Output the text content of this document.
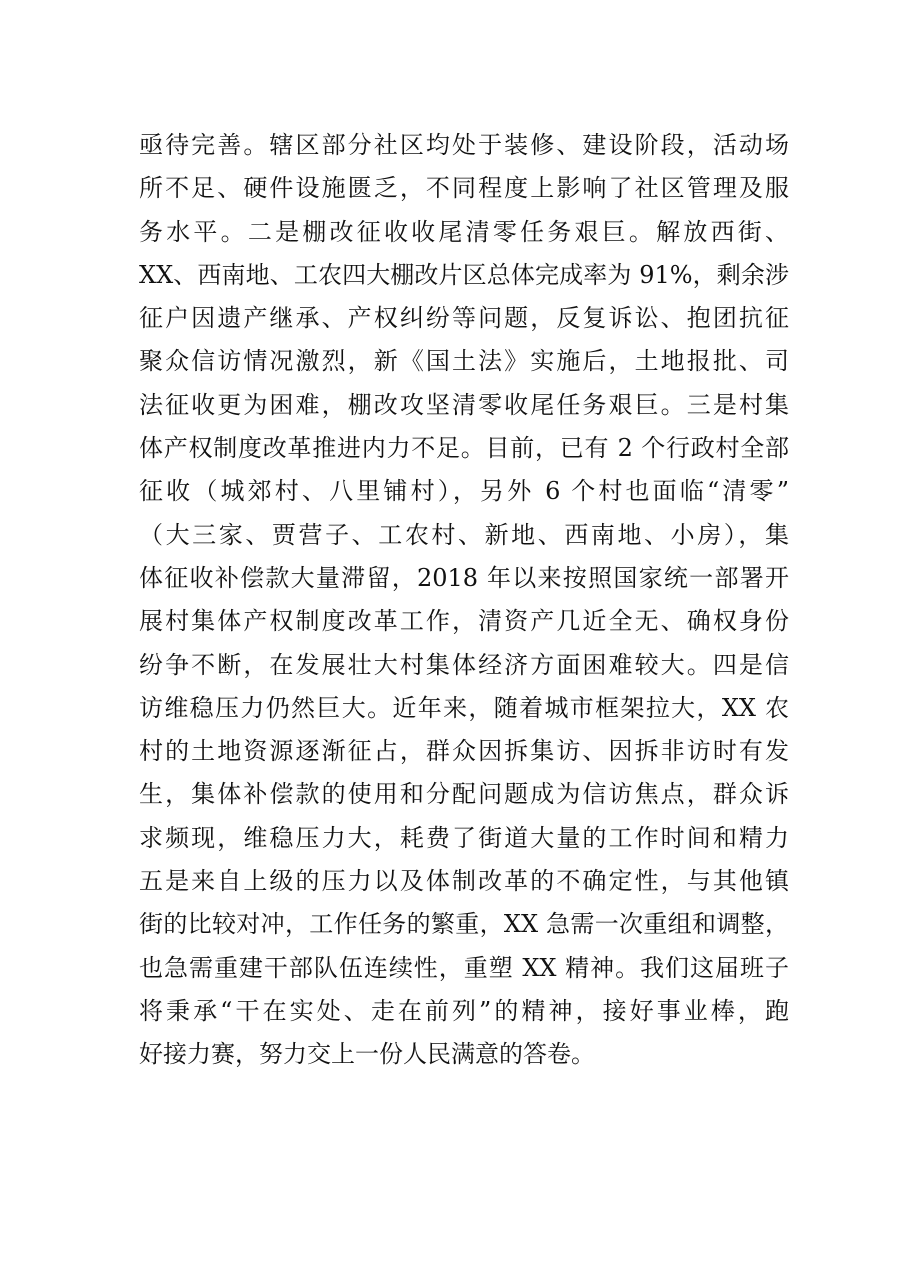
亟待完善。辖区部分社区均处于装修、建设阶段，活动场
所不足、硬件设施匮乏，不同程度上影响了社区管理及服
务水平。二是棚改征收收尾清零任务艰巨。解放西街、
XX、西南地、工农四大棚改片区总体完成率为 91%，剩余涉
征户因遗产继承、产权纠纷等问题，反复诉讼、抱团抗征
聚众信访情况激烈，新《国土法》实施后，土地报批、司
法征收更为困难，棚改攻坚清零收尾任务艰巨。三是村集
体产权制度改革推进内力不足。目前，已有 2 个行政村全部
征收（城郊村、八里铺村），另外 6 个村也面临“清零”
（大三家、贾营子、工农村、新地、西南地、小房），集
体征收补偿款大量滞留，2018 年以来按照国家统一部署开
展村集体产权制度改革工作，清资产几近全无、确权身份
纷争不断，在发展壮大村集体经济方面困难较大。四是信
访维稳压力仍然巨大。近年来，随着城市框架拉大，XX 农
村的土地资源逐渐征占，群众因拆集访、因拆非访时有发
生，集体补偿款的使用和分配问题成为信访焦点，群众诉
求频现，维稳压力大，耗费了街道大量的工作时间和精力
五是来自上级的压力以及体制改革的不确定性，与其他镇
街的比较对冲，工作任务的繁重，XX 急需一次重组和调整，
也急需重建干部队伍连续性，重塑 XX 精神。我们这届班子
将秉承“干在实处、走在前列”的精神，接好事业棒，跑
好接力赛，努力交上一份人民满意的答卷。
